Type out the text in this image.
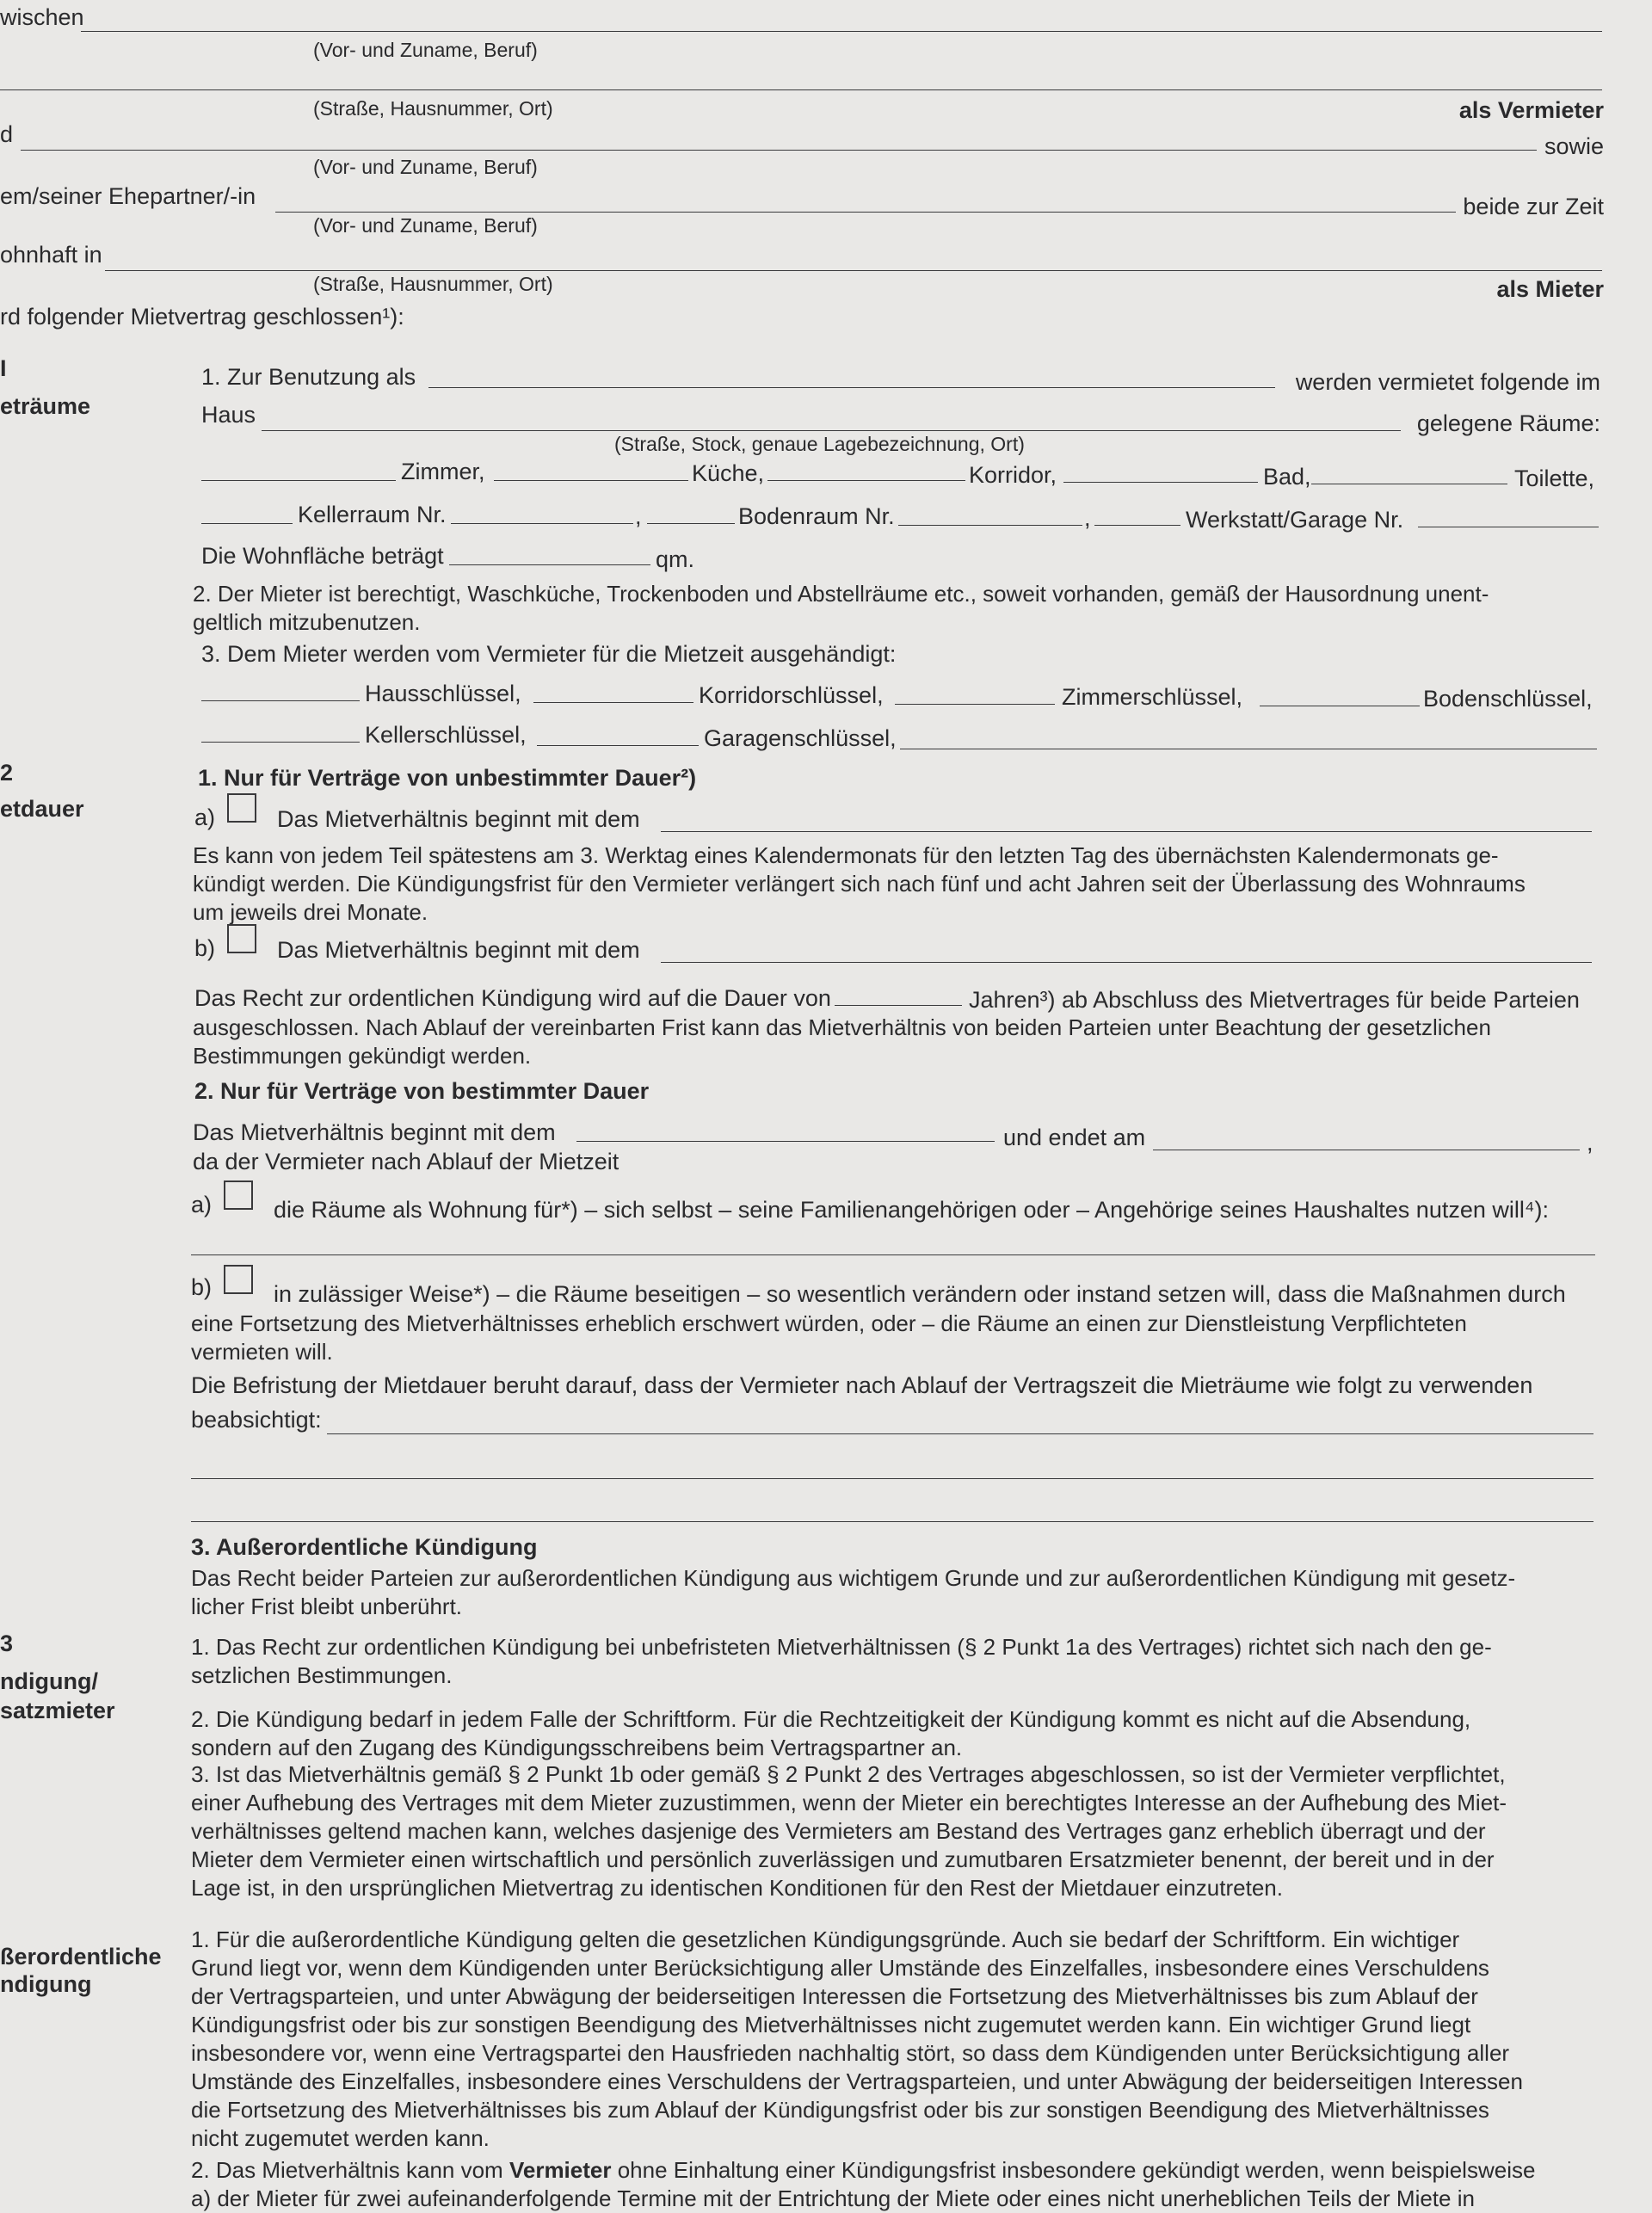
wischen
(Vor- und Zuname, Beruf)
(Straße, Hausnummer, Ort)	als Vermieter
d	sowie
(Vor- und Zuname, Beruf)
em/seiner Ehepartner/-in	beide zur Zeit
(Vor- und Zuname, Beruf)
ohnhaft in
(Straße, Hausnummer, Ort)	als Mieter
rd folgender Mietvertrag geschlossen¹):
I
eträume
1. Zur Benutzung als	werden vermietet folgende im
Haus	gelegene Räume:
(Straße, Stock, genaue Lagebezeichnung, Ort)
Zimmer,	Küche,	Korridor,	Bad,	Toilette,
Kellerraum Nr.	,	Bodenraum Nr.	,	Werkstatt/Garage Nr.
Die Wohnfläche beträgt	qm.
2. Der Mieter ist berechtigt, Waschküche, Trockenboden und Abstellräume etc., soweit vorhanden, gemäß der Hausordnung unent-
geltlich mitzubenutzen.
3. Dem Mieter werden vom Vermieter für die Mietzeit ausgehändigt:
Hausschlüssel,	Korridorschlüssel,	Zimmerschlüssel,	Bodenschlüssel,
Kellerschlüssel,	Garagenschlüssel,
2
etdauer
1. Nur für Verträge von unbestimmter Dauer²)
a)	Das Mietverhältnis beginnt mit dem
Es kann von jedem Teil spätestens am 3. Werktag eines Kalendermonats für den letzten Tag des übernächsten Kalendermonats ge-
kündigt werden. Die Kündigungsfrist für den Vermieter verlängert sich nach fünf und acht Jahren seit der Überlassung des Wohnraums
um jeweils drei Monate.
b)	Das Mietverhältnis beginnt mit dem
Das Recht zur ordentlichen Kündigung wird auf die Dauer von	Jahren³) ab Abschluss des Mietvertrages für beide Parteien
ausgeschlossen. Nach Ablauf der vereinbarten Frist kann das Mietverhältnis von beiden Parteien unter Beachtung der gesetzlichen
Bestimmungen gekündigt werden.
2. Nur für Verträge von bestimmter Dauer
Das Mietverhältnis beginnt mit dem	und endet am	,
da der Vermieter nach Ablauf der Mietzeit
a)	die Räume als Wohnung für*) – sich selbst – seine Familienangehörigen oder – Angehörige seines Haushaltes nutzen will⁴):
b)	in zulässiger Weise*) – die Räume beseitigen – so wesentlich verändern oder instand setzen will, dass die Maßnahmen durch
eine Fortsetzung des Mietverhältnisses erheblich erschwert würden, oder – die Räume an einen zur Dienstleistung Verpflichteten
vermieten will.
Die Befristung der Mietdauer beruht darauf, dass der Vermieter nach Ablauf der Vertragszeit die Mieträume wie folgt zu verwenden
beabsichtigt:
3. Außerordentliche Kündigung
Das Recht beider Parteien zur außerordentlichen Kündigung aus wichtigem Grunde und zur außerordentlichen Kündigung mit gesetz-
licher Frist bleibt unberührt.
3
ndigung/
satzmieter
1. Das Recht zur ordentlichen Kündigung bei unbefristeten Mietverhältnissen (§ 2 Punkt 1a des Vertrages) richtet sich nach den ge-
setzlichen Bestimmungen.
2. Die Kündigung bedarf in jedem Falle der Schriftform. Für die Rechtzeitigkeit der Kündigung kommt es nicht auf die Absendung,
sondern auf den Zugang des Kündigungsschreibens beim Vertragspartner an.
3. Ist das Mietverhältnis gemäß § 2 Punkt 1b oder gemäß § 2 Punkt 2 des Vertrages abgeschlossen, so ist der Vermieter verpflichtet,
einer Aufhebung des Vertrages mit dem Mieter zuzustimmen, wenn der Mieter ein berechtigtes Interesse an der Aufhebung des Miet-
verhältnisses geltend machen kann, welches dasjenige des Vermieters am Bestand des Vertrages ganz erheblich überragt und der
Mieter dem Vermieter einen wirtschaftlich und persönlich zuverlässigen und zumutbaren Ersatzmieter benennt, der bereit und in der
Lage ist, in den ursprünglichen Mietvertrag zu identischen Konditionen für den Rest der Mietdauer einzutreten.
ßerordentliche
ndigung
1. Für die außerordentliche Kündigung gelten die gesetzlichen Kündigungsgründe. Auch sie bedarf der Schriftform. Ein wichtiger
Grund liegt vor, wenn dem Kündigenden unter Berücksichtigung aller Umstände des Einzelfalles, insbesondere eines Verschuldens
der Vertragsparteien, und unter Abwägung der beiderseitigen Interessen die Fortsetzung des Mietverhältnisses bis zum Ablauf der
Kündigungsfrist oder bis zur sonstigen Beendigung des Mietverhältnisses nicht zugemutet werden kann. Ein wichtiger Grund liegt
insbesondere vor, wenn eine Vertragspartei den Hausfrieden nachhaltig stört, so dass dem Kündigenden unter Berücksichtigung aller
Umstände des Einzelfalles, insbesondere eines Verschuldens der Vertragsparteien, und unter Abwägung der beiderseitigen Interessen
die Fortsetzung des Mietverhältnisses bis zum Ablauf der Kündigungsfrist oder bis zur sonstigen Beendigung des Mietverhältnisses
nicht zugemutet werden kann.
2. Das Mietverhältnis kann vom Vermieter ohne Einhaltung einer Kündigungsfrist insbesondere gekündigt werden, wenn beispielsweise
a) der Mieter für zwei aufeinanderfolgende Termine mit der Entrichtung der Miete oder eines nicht unerheblichen Teils der Miete in
